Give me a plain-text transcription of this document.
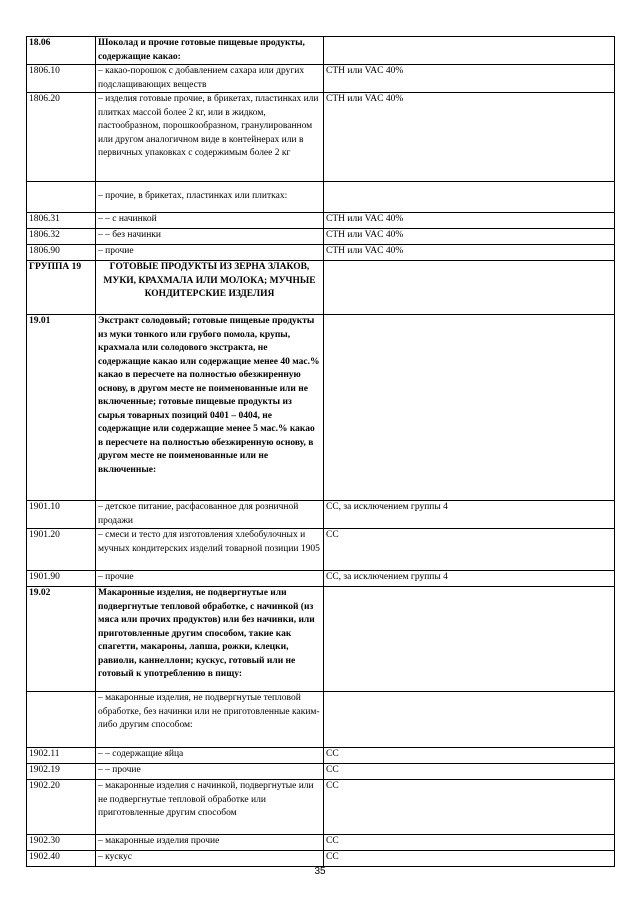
18.06	Шоколад и прочие готовые пищевые продукты, содержащие какао:	
1806.10	– какао-порошок с добавлением сахара или других подслащивающих веществ	СТН или VAC 40%
1806.20	– изделия готовые прочие, в брикетах, пластинках или плитках массой более 2 кг, или в жидком, пастообразном, порошкообразном, гранулированном или другом аналогичном виде в контейнерах или в первичных упаковках с содержимым более 2 кг	СТН или VAC 40%
	– прочие, в брикетах, пластинках или плитках:	
1806.31	– – с начинкой	СТН или VAC 40%
1806.32	– – без начинки	СТН или VAC 40%
1806.90	– прочие	СТН или VAC 40%
ГРУППА 19	ГОТОВЫЕ ПРОДУКТЫ ИЗ ЗЕРНА ЗЛАКОВ, МУКИ, КРАХМАЛА ИЛИ МОЛОКА; МУЧНЫЕ КОНДИТЕРСКИЕ ИЗДЕЛИЯ	
19.01	Экстракт солодовый; готовые пищевые продукты из муки тонкого или грубого помола, крупы, крахмала или солодового экстракта, не содержащие какао или содержащие менее 40 мас.% какао в пересчете на полностью обезжиренную основу, в другом месте не поименованные или не включенные; готовые пищевые продукты из сырья товарных позиций 0401 – 0404, не содержащие или содержащие менее 5 мас.% какао в пересчете на полностью обезжиренную основу, в другом месте не поименованные или не включенные:	
1901.10	– детское питание, расфасованное для розничной продажи	СС, за исключением группы 4
1901.20	– смеси и тесто для изготовления хлебобулочных и мучных кондитерских изделий товарной позиции 1905	СС
1901.90	– прочие	СС, за исключением группы 4
19.02	Макаронные изделия, не подвергнутые или подвергнутые тепловой обработке, с начинкой (из мяса или прочих продуктов) или без начинки, или приготовленные другим способом, такие как спагетти, макароны, лапша, рожки, клецки, равиоли, каннеллони; кускус, готовый или не готовый к употреблению в пищу:	
	– макаронные изделия, не подвергнутые тепловой обработке, без начинки или не приготовленные каким-либо другим способом:	
1902.11	– – содержащие яйца	СС
1902.19	– – прочие	СС
1902.20	– макаронные изделия с начинкой, подвергнутые или не подвергнутые тепловой обработке или приготовленные другим способом	СС
1902.30	– макаронные изделия прочие	СС
1902.40	– кускус	СС
35
